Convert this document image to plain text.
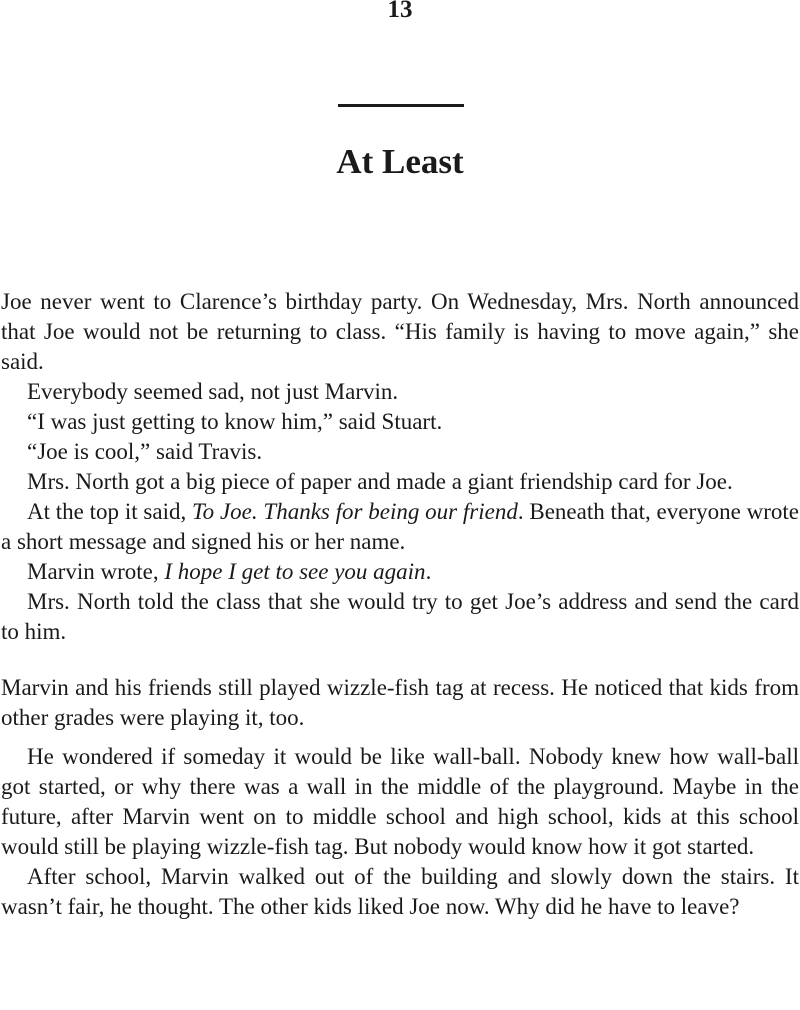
13
At Least

Joe never went to Clarence’s birthday party. On Wednesday, Mrs. North announced that Joe would not be returning to class. “His family is having to move again,” she said.

Everybody seemed sad, not just Marvin.

“I was just getting to know him,” said Stuart.

“Joe is cool,” said Travis.

Mrs. North got a big piece of paper and made a giant friendship card for Joe.

At the top it said, To Joe. Thanks for being our friend. Beneath that, everyone wrote a short message and signed his or her name.

Marvin wrote, I hope I get to see you again.

Mrs. North told the class that she would try to get Joe’s address and send the card to him.

Marvin and his friends still played wizzle-fish tag at recess. He noticed that kids from other grades were playing it, too.

He wondered if someday it would be like wall-ball. Nobody knew how wall-ball got started, or why there was a wall in the middle of the playground. Maybe in the future, after Marvin went on to middle school and high school, kids at this school would still be playing wizzle-fish tag. But nobody would know how it got started.

After school, Marvin walked out of the building and slowly down the stairs. It wasn’t fair, he thought. The other kids liked Joe now. Why did he have to leave?
